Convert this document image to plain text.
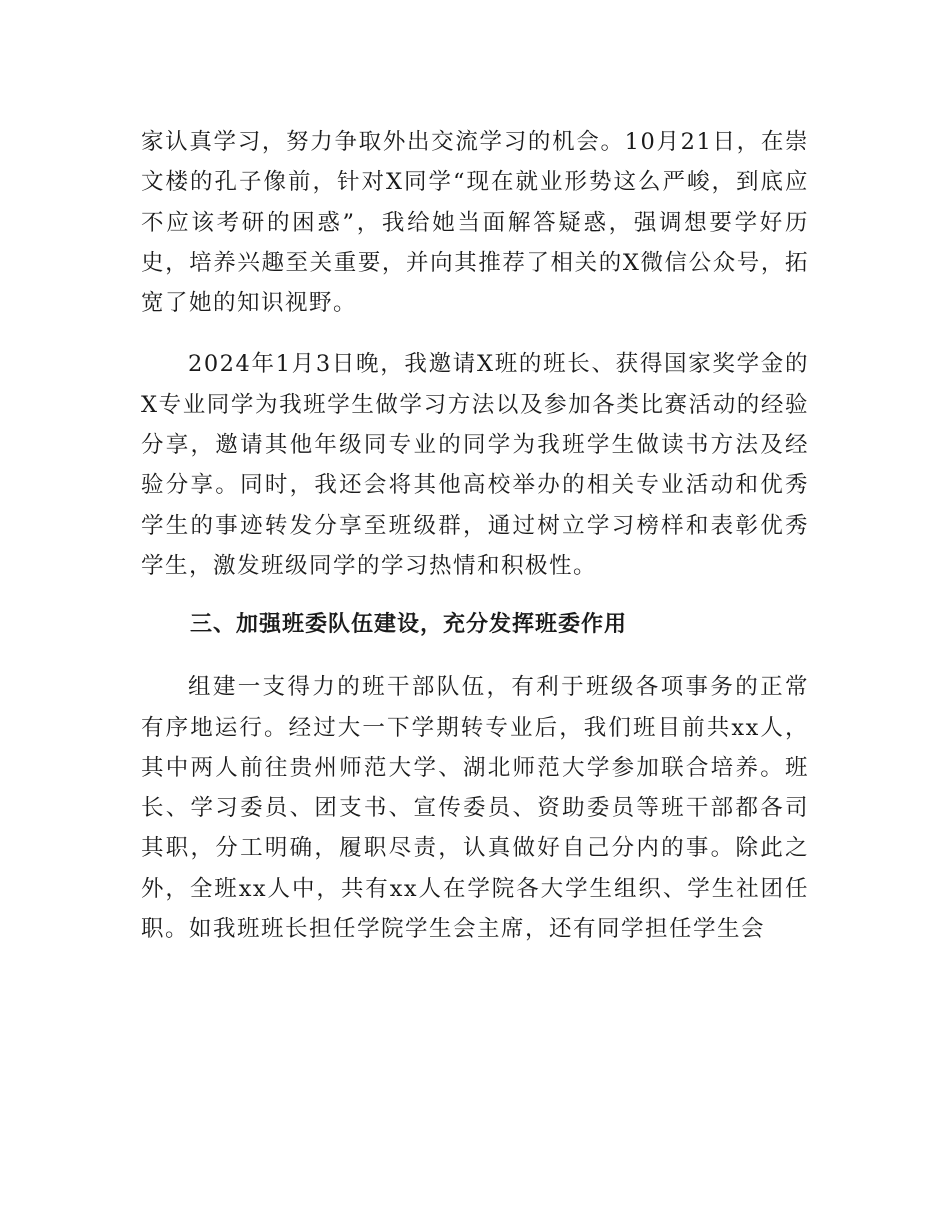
家认真学习，努力争取外出交流学习的机会。10月21日，在崇文楼的孔子像前，针对X同学“现在就业形势这么严峻，到底应不应该考研的困惑”，我给她当面解答疑惑，强调想要学好历史，培养兴趣至关重要，并向其推荐了相关的X微信公众号，拓宽了她的知识视野。

2024年1月3日晚，我邀请X班的班长、获得国家奖学金的X专业同学为我班学生做学习方法以及参加各类比赛活动的经验分享，邀请其他年级同专业的同学为我班学生做读书方法及经验分享。同时，我还会将其他高校举办的相关专业活动和优秀学生的事迹转发分享至班级群，通过树立学习榜样和表彰优秀学生，激发班级同学的学习热情和积极性。

三、加强班委队伍建设，充分发挥班委作用

组建一支得力的班干部队伍，有利于班级各项事务的正常有序地运行。经过大一下学期转专业后，我们班目前共xx人，其中两人前往贵州师范大学、湖北师范大学参加联合培养。班长、学习委员、团支书、宣传委员、资助委员等班干部都各司其职，分工明确，履职尽责，认真做好自己分内的事。除此之外，全班xx人中，共有xx人在学院各大学生组织、学生社团任职。如我班班长担任学院学生会主席，还有同学担任学生会
